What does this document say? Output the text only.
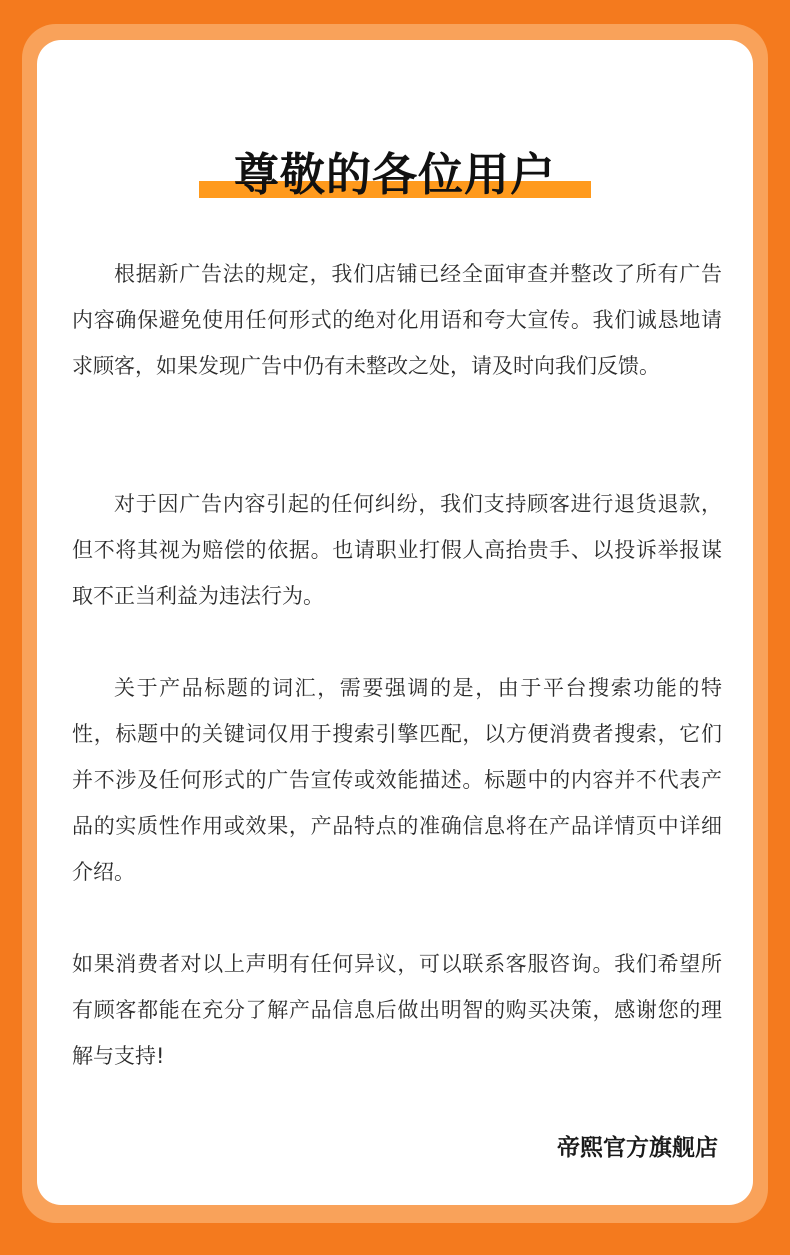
尊敬的各位用户

根据新广告法的规定，我们店铺已经全面审查并整改了所有广告内容确保避免使用任何形式的绝对化用语和夸大宣传。我们诚恳地请求顾客，如果发现广告中仍有未整改之处，请及时向我们反馈。

对于因广告内容引起的任何纠纷，我们支持顾客进行退货退款，但不将其视为赔偿的依据。也请职业打假人高抬贵手、以投诉举报谋取不正当利益为违法行为。

关于产品标题的词汇，需要强调的是，由于平台搜索功能的特性，标题中的关键词仅用于搜索引擎匹配，以方便消费者搜索，它们并不涉及任何形式的广告宣传或效能描述。标题中的内容并不代表产品的实质性作用或效果，产品特点的准确信息将在产品详情页中详细介绍。

如果消费者对以上声明有任何异议，可以联系客服咨询。我们希望所有顾客都能在充分了解产品信息后做出明智的购买决策，感谢您的理解与支持!

帝熙官方旗舰店
